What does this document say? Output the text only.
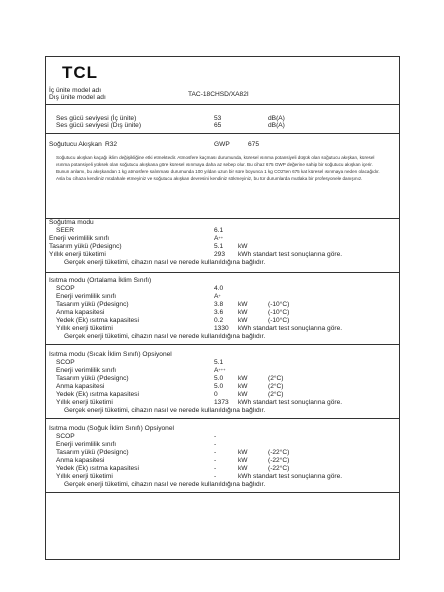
TCL
İç ünite model adı
Dış ünite model adı	TAC-18CHSD/XA82I
Ses gücü seviyesi (İç ünite)	53	dB(A)
Ses gücü seviyesi (Dış ünite)	65	dB(A)
Soğutucu Akışkan R32	GWP	675
Soğutucu akışkan kaçağı iklim değişikliğine etki etmektedir. Atmosfere kaçması durumunda, küresel ısınma potansiyeli düşük olan soğutucu akışkan, küresel ısınma potansiyeli yüksek olan soğutucu akışkana göre küresel ısınmaya daha az sebep olur. Bu cihaz 675 GWP değerine sahip bir soğutucu akışkan içerir. Bunun anlamı, bu akışkandan 1 kg atmosfere salınması durumunda 100 yıldan uzun bir süre boyunca 1 kg CO2'ten 675 kat küresel ısınmaya neden olacağıdır. Asla bu cihaza kendiniz müdahale etmeyiniz ve soğutucu akışkan devresini kendiniz sökmeyiniz, bu tür durumlarda mutlaka bir profesyonele danışınız.
Soğutma modu
SEER	6.1
Enerji verimlilik sınıfı	A++
Tasarım yükü (Pdesignc)	5.1 kW
Yıllık enerji tüketimi	293 kWh standart test sonuçlarına göre.
Gerçek enerji tüketimi, cihazın nasıl ve nerede kullanıldığına bağlıdır.
Isıtma modu (Ortalama İklim Sınıfı)
SCOP	4.0
Enerji verimlilik sınıfı	A+
Tasarım yükü (Pdesignc)	3.8 kW	(-10°C)
Anma kapasitesi	3.6 kW	(-10°C)
Yedek (Ek) ısıtma kapasitesi	0.2 kW	(-10°C)
Yıllık enerji tüketimi	1330 kWh standart test sonuçlarına göre.
Gerçek enerji tüketimi, cihazın nasıl ve nerede kullanıldığına bağlıdır.
Isıtma modu (Sıcak İklim Sınıfı) Opsiyonel
SCOP	5.1
Enerji verimlilik sınıfı	A+++
Tasarım yükü (Pdesignc)	5.0 kW	(2°C)
Anma kapasitesi	5.0 kW	(2°C)
Yedek (Ek) ısıtma kapasitesi	0	kW	(2°C)
Yıllık enerji tüketimi	1373 kWh standart test sonuçlarına göre.
Gerçek enerji tüketimi, cihazın nasıl ve nerede kullanıldığına bağlıdır.
Isıtma modu (Soğuk İklim Sınıfı) Opsiyonel
SCOP	-
Enerji verimlilik sınıfı	-
Tasarım yükü (Pdesignc)	-	kW	(-22°C)
Anma kapasitesi	-	kW	(-22°C)
Yedek (Ek) ısıtma kapasitesi	-	kW	(-22°C)
Yıllık enerji tüketimi	-	kWh standart test sonuçlarına göre.
Gerçek enerji tüketimi, cihazın nasıl ve nerede kullanıldığına bağlıdır.
